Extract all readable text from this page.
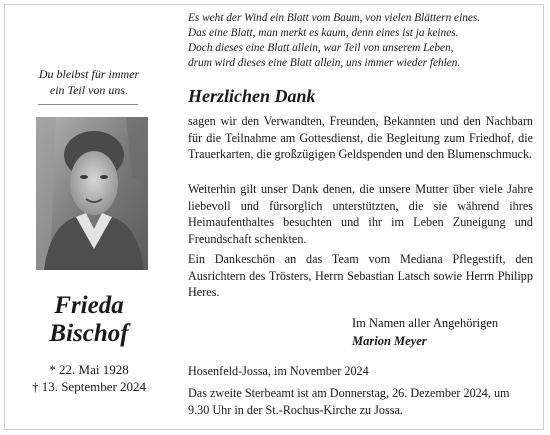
Du bleibst für immer
ein Teil von uns.
Frieda
Bischof
* 22. Mai 1928
† 13. September 2024
Es weht der Wind ein Blatt vom Baum, von vielen Blättern eines.
Das eine Blatt, man merkt es kaum, denn eines ist ja keines.
Doch dieses eine Blatt allein, war Teil von unserem Leben,
drum wird dieses eine Blatt allein, uns immer wieder fehlen.
Herzlichen Dank
sagen wir den Verwandten, Freunden, Bekannten und den Nachbarn für die Teilnahme am Gottesdienst, die Begleitung zum Friedhof, die Trauerkarten, die großzügigen Geldspenden und den Blumenschmuck.
Weiterhin gilt unser Dank denen, die unsere Mutter über viele Jahre liebevoll und fürsorglich unterstützten, die sie während ihres Heimaufenthaltes besuchten und ihr im Leben Zuneigung und Freundschaft schenkten.
Ein Dankeschön an das Team vom Mediana Pflegestift, den Ausrichtern des Trösters, Herrn Sebastian Latsch sowie Herrn Philipp Heres.
Im Namen aller Angehörigen
Marion Meyer
Hosenfeld-Jossa, im November 2024
Das zweite Sterbeamt ist am Donnerstag, 26. Dezember 2024, um 9.30 Uhr in der St.-Rochus-Kirche zu Jossa.
